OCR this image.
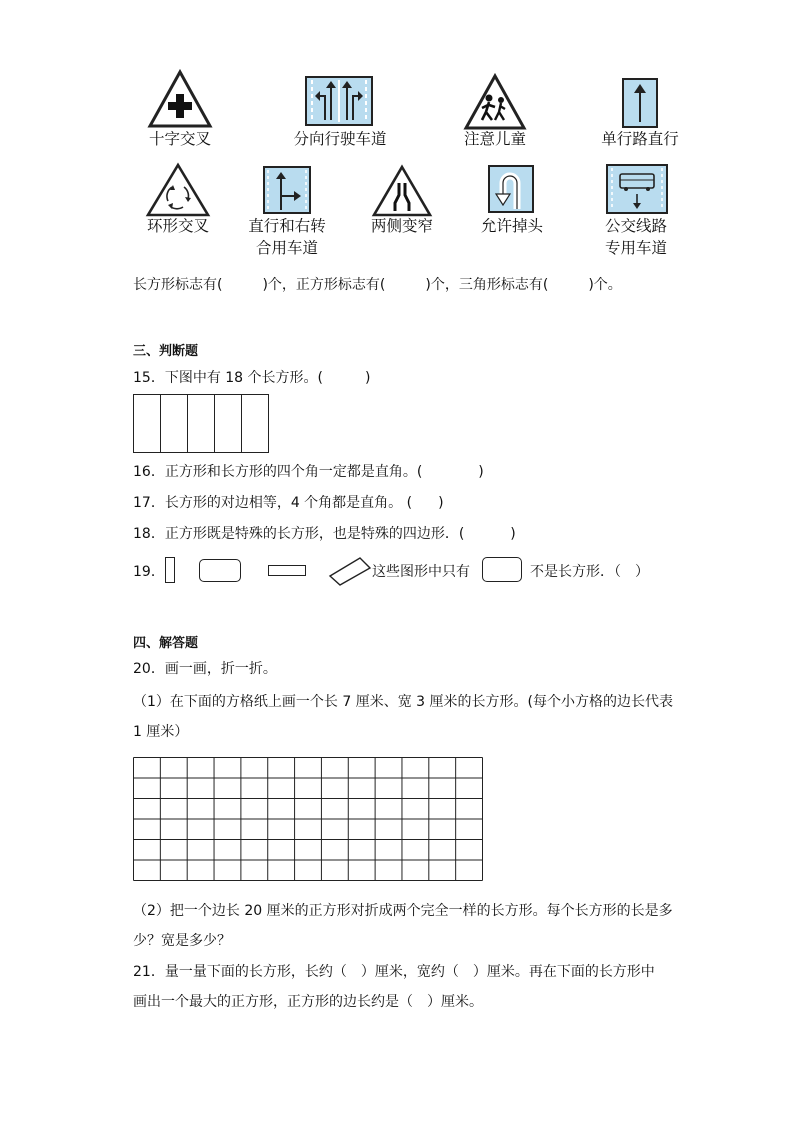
十字交叉	分向行驶车道	注意儿童	单行路直行
环形交叉	直行和右转
合用车道
两侧变窄	允许掉头	公交线路
专用车道
长方形标志有(	)个，正方形标志有(	)个，三角形标志有(	)个。
三、判断题
15．下图中有 18 个长方形。(	)
16．正方形和长方形的四个角一定都是直角。(	)
17．长方形的对边相等，4 个角都是直角。 ( )
18．正方形既是特殊的长方形，也是特殊的四边形．(	)
19．	这些图形中只有	不是长方形．（ ）
四、解答题
20．画一画，折一折。
（1）在下面的方格纸上画一个长 7 厘米、宽 3 厘米的长方形。(每个小方格的边长代表
1 厘米）
（2）把一个边长 20 厘米的正方形对折成两个完全一样的长方形。每个长方形的长是多
少？宽是多少？
21．量一量下面的长方形，长约（　）厘米，宽约（　）厘米。再在下面的长方形中
画出一个最大的正方形，正方形的边长约是（　）厘米。
